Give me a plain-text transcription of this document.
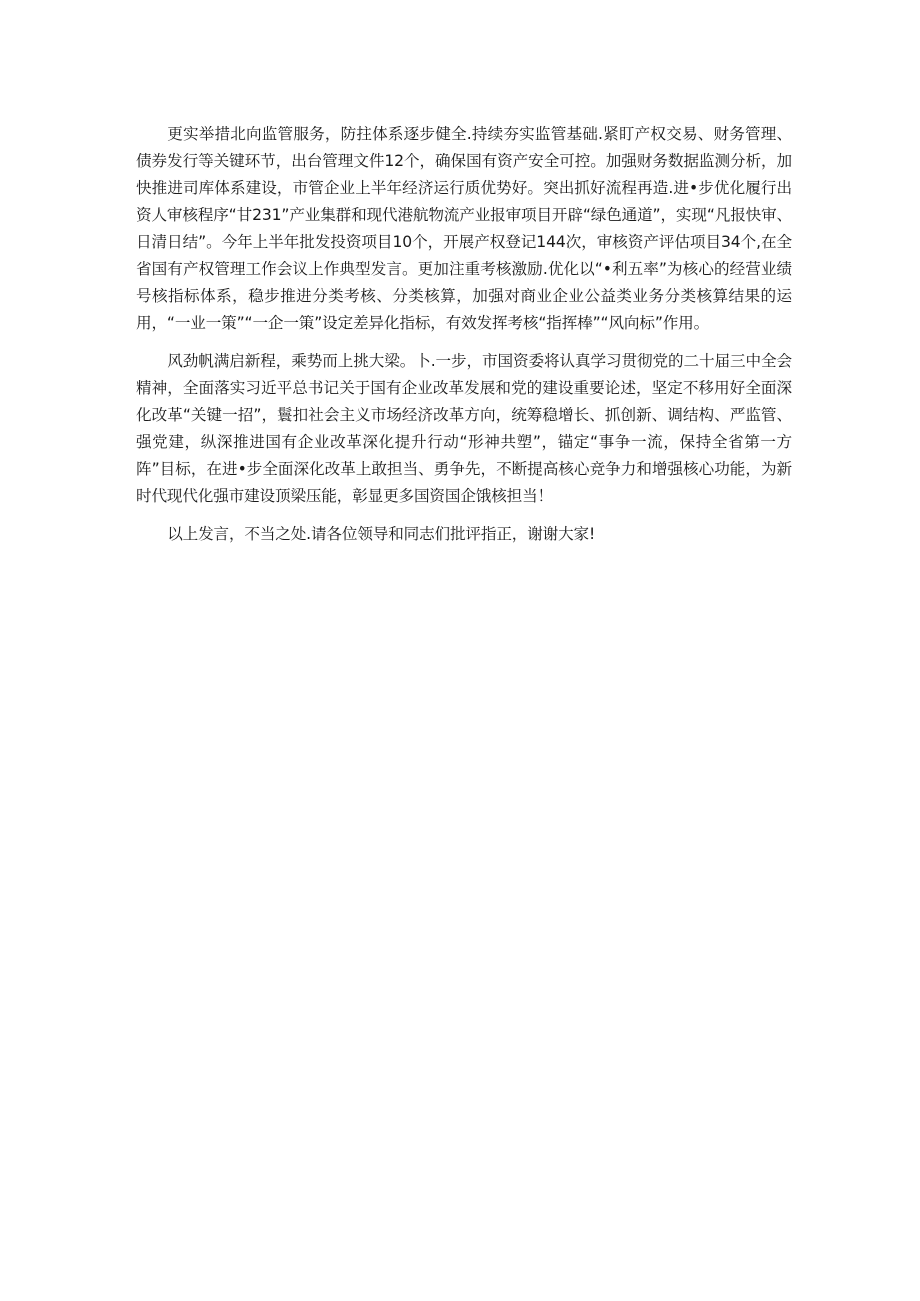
更实举措北向监管服务，防拄体系逐步健全.持续夯实监管基础.紧盯产权交易、财务管理、债券发行等关键环节，出台管理文件12个，确保国有资产安全可控。加强财务数据监测分析，加快推进司库体系建设，市管企业上半年经济运行质优势好。突出抓好流程再造.进•步优化履行出资人审核程序“甘231”产业集群和现代港航物流产业报审项目开辟“绿色通道”，实现“凡报快审、日清日结”。今年上半年批发投资项目10个，开展产权登记144次，审核资产评估项目34个,在全省国有产权管理工作会议上作典型发言。更加注重考核激励.优化以“•利五率”为核心的经营业绩号核指标体系，稳步推进分类考核、分类核算，加强对商业企业公益类业务分类核算结果的运用，“一业一策”“一企一策”设定差异化指标，有效发挥考核“指挥棒”“风向标”作用。

风劲帆满启新程，乘势而上挑大梁。卜.一步，市国资委将认真学习贯彻党的二十届三中全会精神，全面落实习近平总书记关于国有企业改革发展和党的建设重要论述，坚定不移用好全面深化改革“关键一招”，鬟扣社会主义市场经济改革方向，统筹稳增长、抓创新、调结构、严监管、强党建，纵深推进国有企业改革深化提升行动“形神共塑”，锚定“事争一流，保持全省第一方阵”目标，在进•步全面深化改革上敢担当、勇争先，不断提高核心竞争力和增强核心功能，为新时代现代化强市建设顶梁压能，彰显更多国资国企饿核担当！

以上发言，不当之处.请各位领导和同志们批评指正，谢谢大家!
